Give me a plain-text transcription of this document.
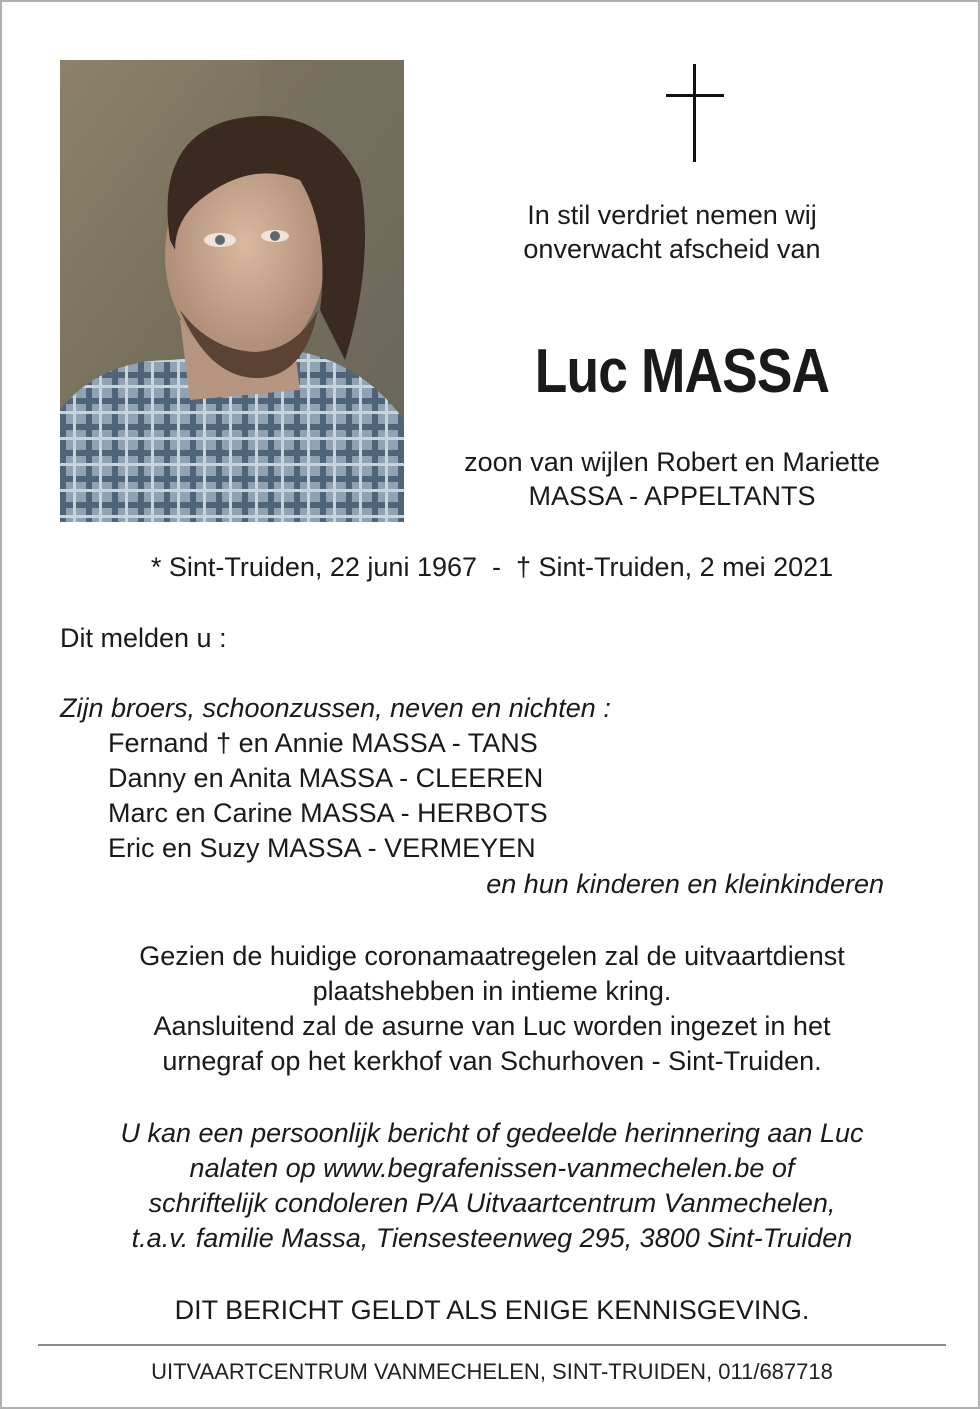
In stil verdriet nemen wij
onverwacht afscheid van
Luc MASSA
zoon van wijlen Robert en Mariette
MASSA - APPELTANTS
* Sint-Truiden, 22 juni 1967  -  † Sint-Truiden, 2 mei 2021
Dit melden u :
Zijn broers, schoonzussen, neven en nichten :
Fernand † en Annie MASSA - TANS
Danny en Anita MASSA - CLEEREN
Marc en Carine MASSA - HERBOTS
Eric en Suzy MASSA - VERMEYEN
en hun kinderen en kleinkinderen
Gezien de huidige coronamaatregelen zal de uitvaartdienst
plaatshebben in intieme kring.
Aansluitend zal de asurne van Luc worden ingezet in het
urnegraf op het kerkhof van Schurhoven - Sint-Truiden.
U kan een persoonlijk bericht of gedeelde herinnering aan Luc
nalaten op www.begrafenissen-vanmechelen.be of
schriftelijk condoleren P/A Uitvaartcentrum Vanmechelen,
t.a.v. familie Massa, Tiensesteenweg 295, 3800 Sint-Truiden
DIT BERICHT GELDT ALS ENIGE KENNISGEVING.
UITVAARTCENTRUM VANMECHELEN, SINT-TRUIDEN, 011/687718
